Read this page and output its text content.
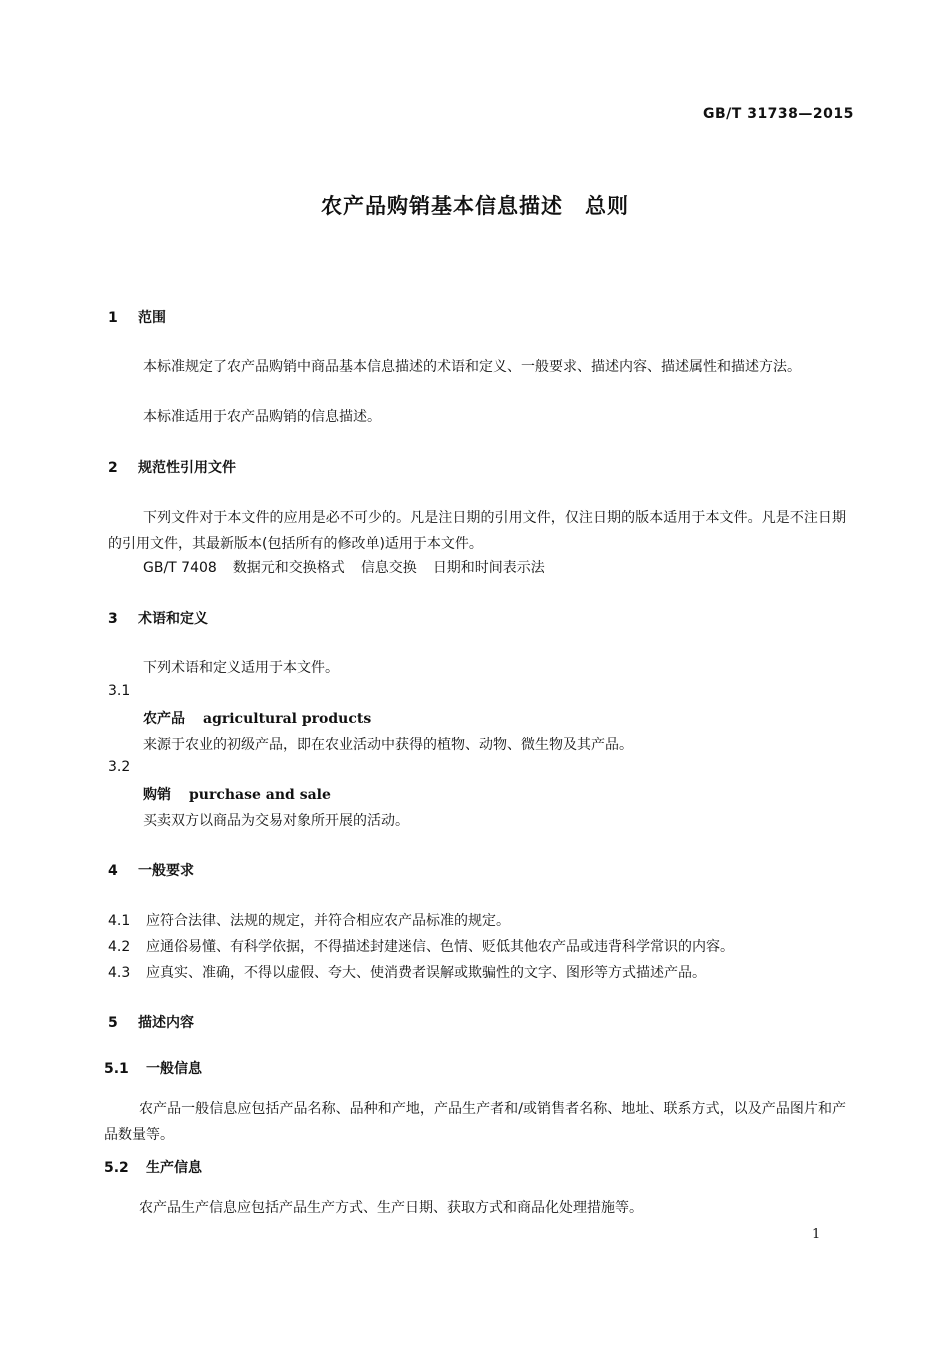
GB/T 31738—2015
农产品购销基本信息描述　总则
1 范围
本标准规定了农产品购销中商品基本信息描述的术语和定义、一般要求、描述内容、描述属性和描述方法。
本标准适用于农产品购销的信息描述。
2 规范性引用文件
下列文件对于本文件的应用是必不可少的。凡是注日期的引用文件，仅注日期的版本适用于本文件。凡是不注日期的引用文件，其最新版本(包括所有的修改单)适用于本文件。
GB/T 7408 数据元和交换格式 信息交换 日期和时间表示法
3 术语和定义
下列术语和定义适用于本文件。
3.1
农产品 agricultural products
来源于农业的初级产品，即在农业活动中获得的植物、动物、微生物及其产品。
3.2
购销 purchase and sale
买卖双方以商品为交易对象所开展的活动。
4 一般要求
4.1 应符合法律、法规的规定，并符合相应农产品标准的规定。
4.2 应通俗易懂、有科学依据，不得描述封建迷信、色情、贬低其他农产品或违背科学常识的内容。
4.3 应真实、准确，不得以虚假、夸大、使消费者误解或欺骗性的文字、图形等方式描述产品。
5 描述内容
5.1 一般信息
农产品一般信息应包括产品名称、品种和产地，产品生产者和/或销售者名称、地址、联系方式，以及产品图片和产品数量等。
5.2 生产信息
农产品生产信息应包括产品生产方式、生产日期、获取方式和商品化处理措施等。
1
